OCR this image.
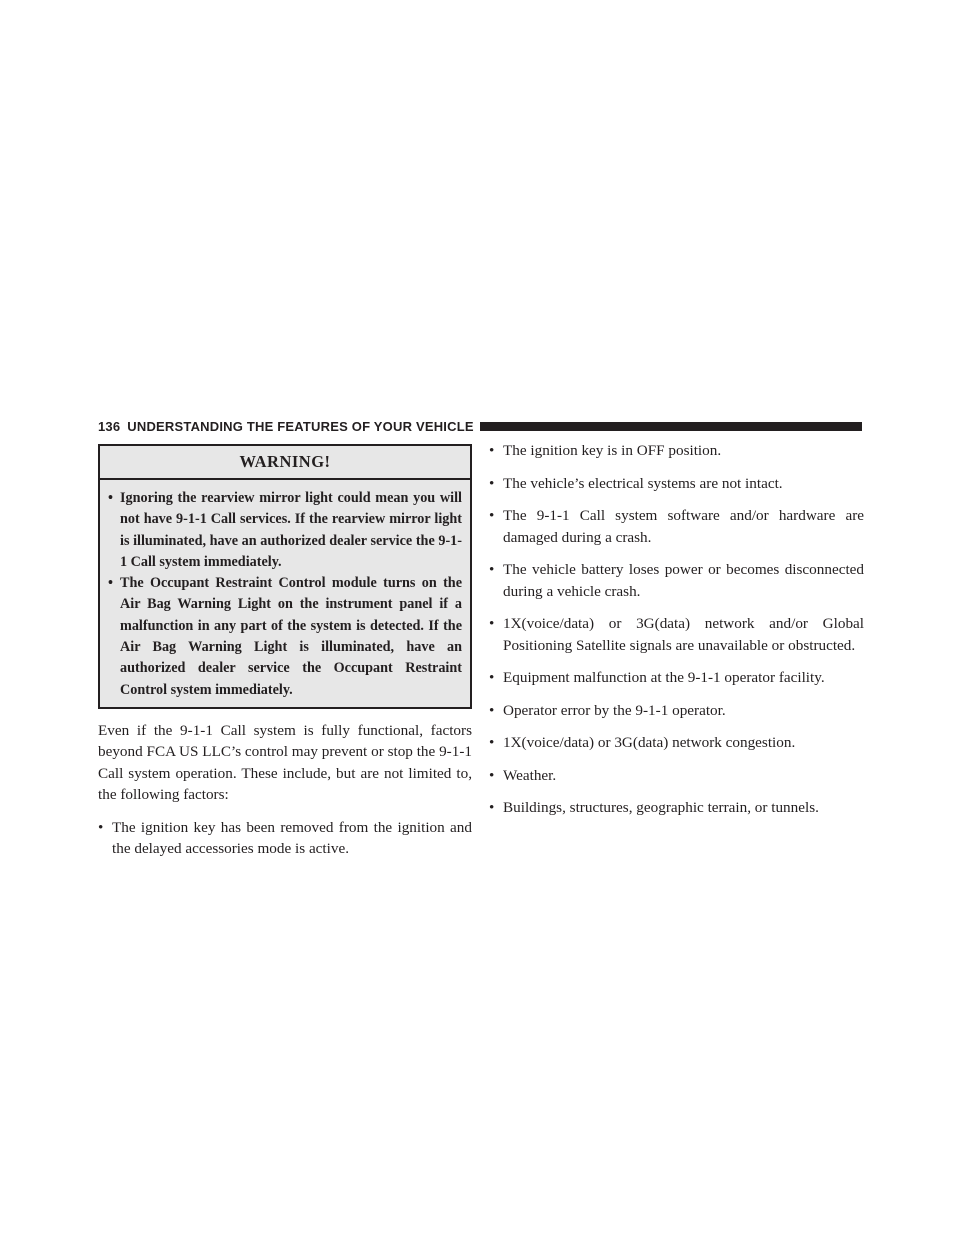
136 UNDERSTANDING THE FEATURES OF YOUR VEHICLE
WARNING!
• Ignoring the rearview mirror light could mean you will not have 9-1-1 Call services. If the rearview mirror light is illuminated, have an authorized dealer service the 9-1-1 Call system immediately.
• The Occupant Restraint Control module turns on the Air Bag Warning Light on the instrument panel if a malfunction in any part of the system is detected. If the Air Bag Warning Light is illuminated, have an authorized dealer service the Occupant Restraint Control system immediately.

Even if the 9-1-1 Call system is fully functional, factors beyond FCA US LLC’s control may prevent or stop the 9-1-1 Call system operation. These include, but are not limited to, the following factors:

• The ignition key has been removed from the ignition and the delayed accessories mode is active.
• The ignition key is in OFF position.
• The vehicle’s electrical systems are not intact.
• The 9-1-1 Call system software and/or hardware are damaged during a crash.
• The vehicle battery loses power or becomes disconnected during a vehicle crash.
• 1X(voice/data) or 3G(data) network and/or Global Positioning Satellite signals are unavailable or obstructed.
• Equipment malfunction at the 9-1-1 operator facility.
• Operator error by the 9-1-1 operator.
• 1X(voice/data) or 3G(data) network congestion.
• Weather.
• Buildings, structures, geographic terrain, or tunnels.
